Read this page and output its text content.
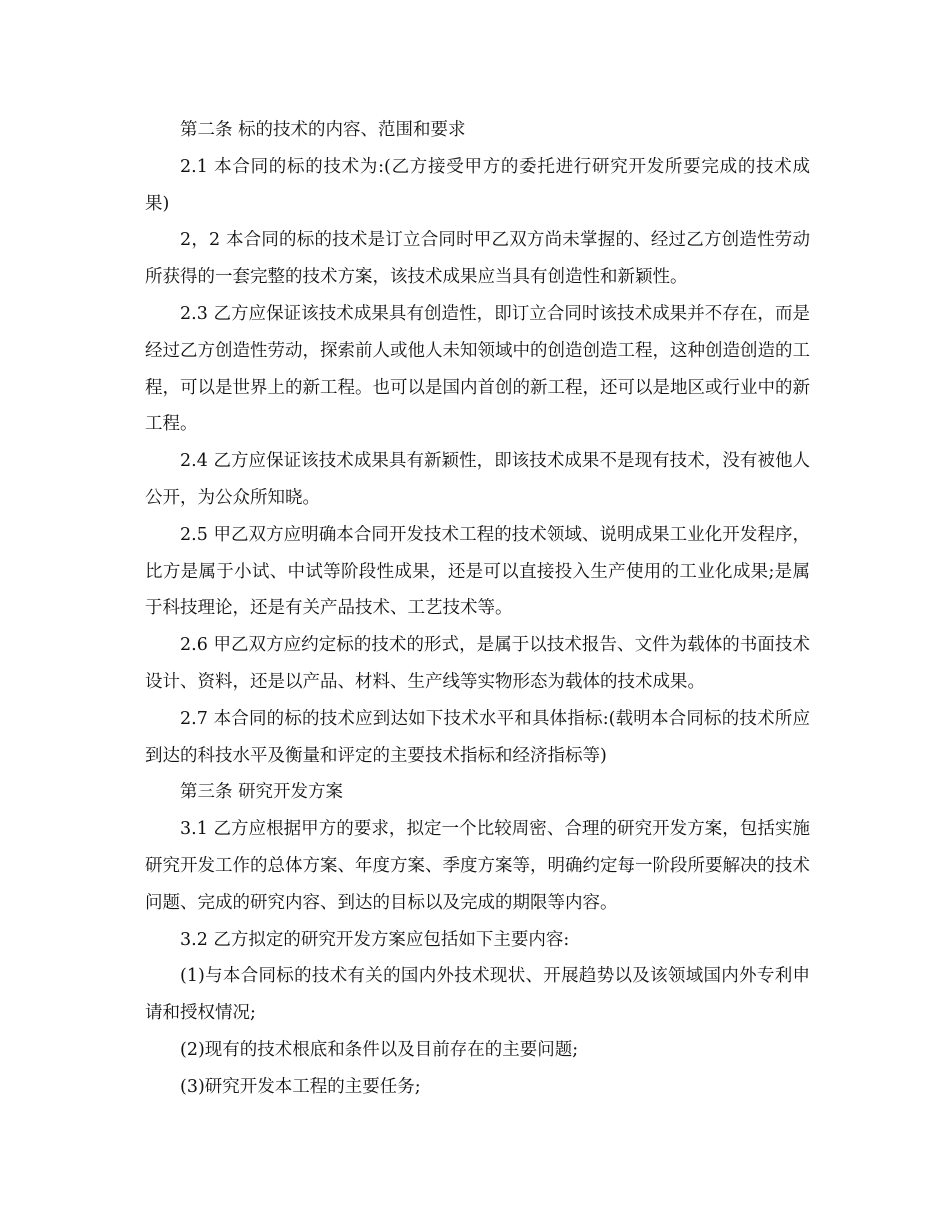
第二条 标的技术的内容、范围和要求

2.1 本合同的标的技术为:(乙方接受甲方的委托进行研究开发所要完成的技术成果)

2，2 本合同的标的技术是订立合同时甲乙双方尚未掌握的、经过乙方创造性劳动所获得的一套完整的技术方案，该技术成果应当具有创造性和新颖性。

2.3 乙方应保证该技术成果具有创造性，即订立合同时该技术成果并不存在，而是经过乙方创造性劳动，探索前人或他人未知领域中的创造创造工程，这种创造创造的工程，可以是世界上的新工程。也可以是国内首创的新工程，还可以是地区或行业中的新工程。

2.4 乙方应保证该技术成果具有新颖性，即该技术成果不是现有技术，没有被他人公开，为公众所知晓。

2.5 甲乙双方应明确本合同开发技术工程的技术领域、说明成果工业化开发程序，比方是属于小试、中试等阶段性成果，还是可以直接投入生产使用的工业化成果;是属于科技理论，还是有关产品技术、工艺技术等。

2.6 甲乙双方应约定标的技术的形式，是属于以技术报告、文件为载体的书面技术设计、资料，还是以产品、材料、生产线等实物形态为载体的技术成果。

2.7 本合同的标的技术应到达如下技术水平和具体指标:(载明本合同标的技术所应到达的科技水平及衡量和评定的主要技术指标和经济指标等)

第三条 研究开发方案

3.1 乙方应根据甲方的要求，拟定一个比较周密、合理的研究开发方案，包括实施研究开发工作的总体方案、年度方案、季度方案等，明确约定每一阶段所要解决的技术问题、完成的研究内容、到达的目标以及完成的期限等内容。

3.2 乙方拟定的研究开发方案应包括如下主要内容:

(1)与本合同标的技术有关的国内外技术现状、开展趋势以及该领域国内外专利申请和授权情况;

(2)现有的技术根底和条件以及目前存在的主要问题;

(3)研究开发本工程的主要任务;
